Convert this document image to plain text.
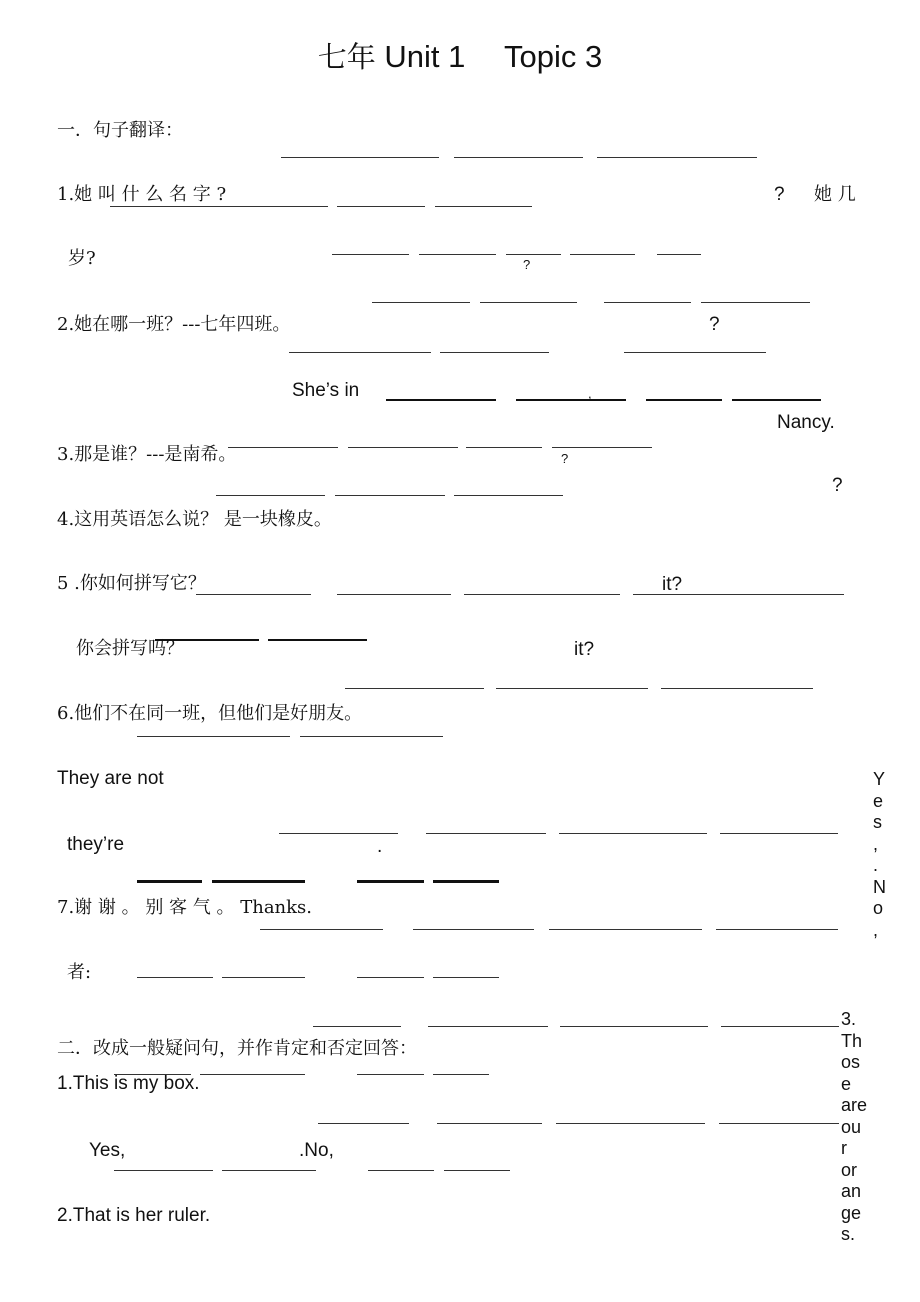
七年 Unit 1 Topic 3
一．句子翻译：
1.她 叫 什 么 名 字 ?	? 她 几
岁?	?
2.她在哪一班？---七年四班。	?
She’s in	,
Nancy.
3.那是谁？---是南希。	?
?
4.这用英语怎么说？ 是一块橡皮。
5 .你如何拼写它？	it?
你会拼写吗？	it?
6.他们不在同一班，但他们是好朋友。
They are not
they’re	.
7.谢 谢 。 别 客 气 。 Thanks.
者:
Y
e
s
,
.
N
o
,
二．改成一般疑问句，并作肯定和否定回答：
1.This is my box.
Yes,	.No,
2.That is her ruler.
3.
Th
os
e
are
ou
r
or
an
ge
s.
